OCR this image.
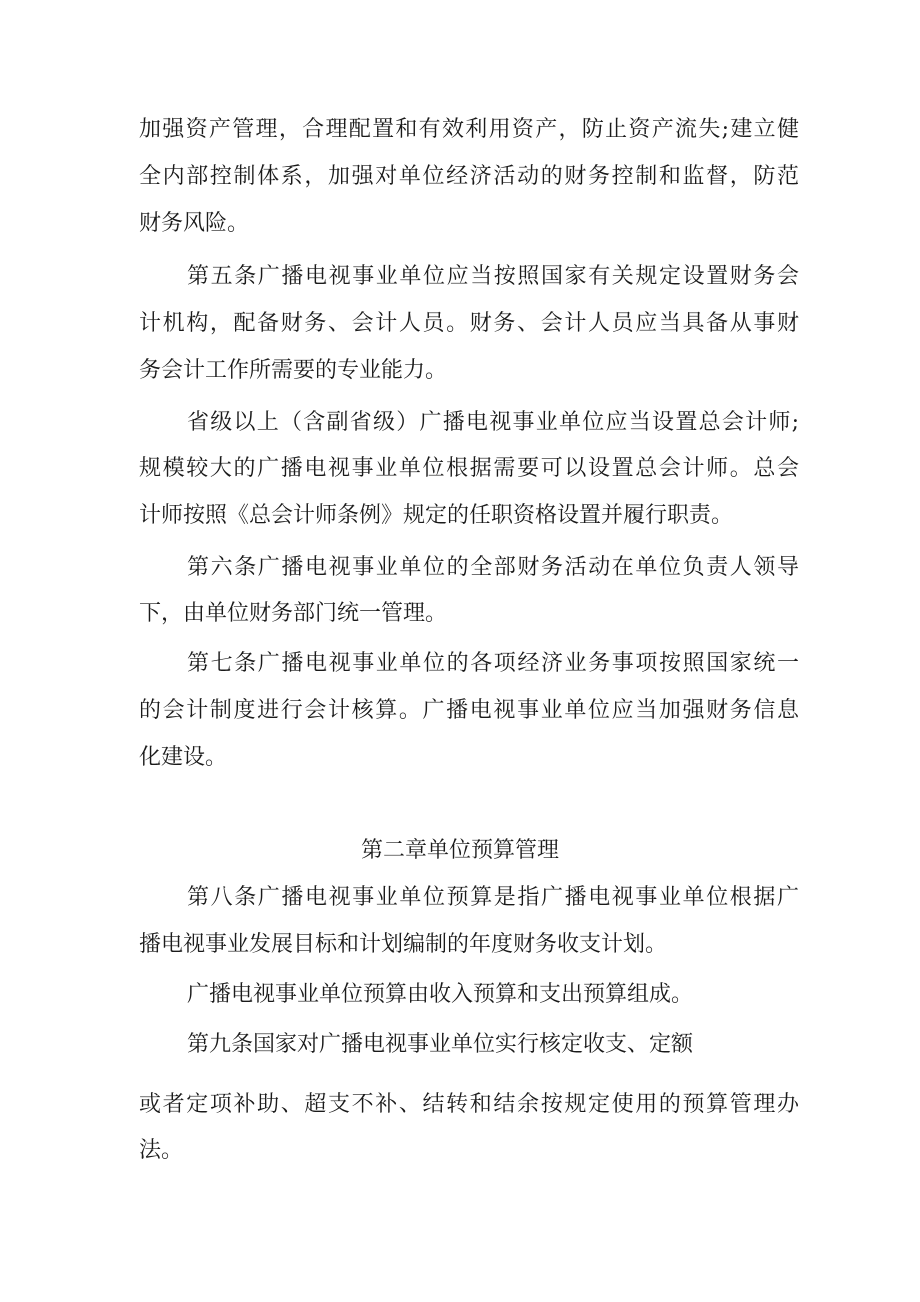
加强资产管理，合理配置和有效利用资产，防止资产流失;建立健
全内部控制体系，加强对单位经济活动的财务控制和监督，防范
财务风险。
第五条广播电视事业单位应当按照国家有关规定设置财务会
计机构，配备财务、会计人员。财务、会计人员应当具备从事财
务会计工作所需要的专业能力。
省级以上（含副省级）广播电视事业单位应当设置总会计师;
规模较大的广播电视事业单位根据需要可以设置总会计师。总会
计师按照《总会计师条例》规定的任职资格设置并履行职责。
第六条广播电视事业单位的全部财务活动在单位负责人领导
下，由单位财务部门统一管理。
第七条广播电视事业单位的各项经济业务事项按照国家统一
的会计制度进行会计核算。广播电视事业单位应当加强财务信息
化建设。
第二章单位预算管理
第八条广播电视事业单位预算是指广播电视事业单位根据广
播电视事业发展目标和计划编制的年度财务收支计划。
广播电视事业单位预算由收入预算和支出预算组成。
第九条国家对广播电视事业单位实行核定收支、定额
或者定项补助、超支不补、结转和结余按规定使用的预算管理办
法。
